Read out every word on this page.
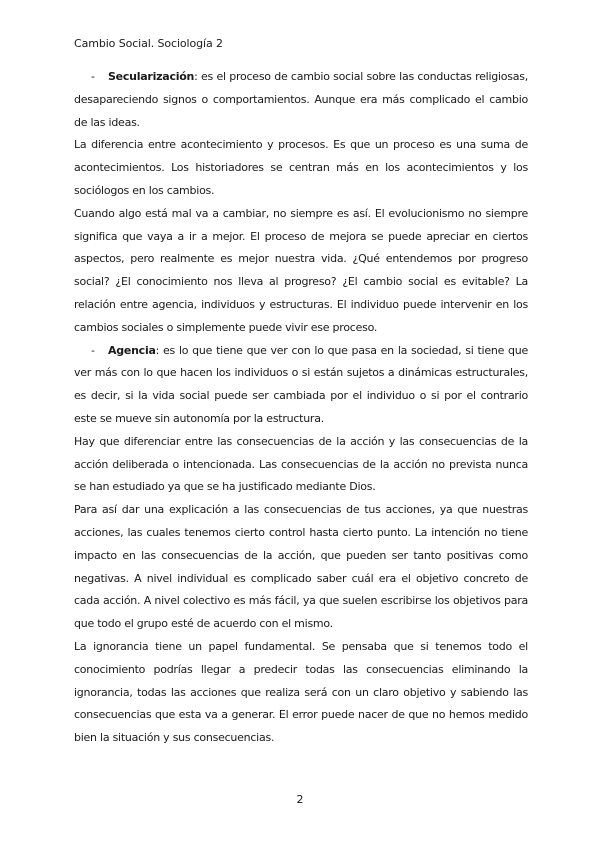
Cambio Social. Sociología 2

- Secularización: es el proceso de cambio social sobre las conductas religiosas, desapareciendo signos o comportamientos. Aunque era más complicado el cambio de las ideas.

La diferencia entre acontecimiento y procesos. Es que un proceso es una suma de acontecimientos. Los historiadores se centran más en los acontecimientos y los sociólogos en los cambios.

Cuando algo está mal va a cambiar, no siempre es así. El evolucionismo no siempre significa que vaya a ir a mejor. El proceso de mejora se puede apreciar en ciertos aspectos, pero realmente es mejor nuestra vida. ¿Qué entendemos por progreso social? ¿El conocimiento nos lleva al progreso? ¿El cambio social es evitable? La relación entre agencia, individuos y estructuras. El individuo puede intervenir en los cambios sociales o simplemente puede vivir ese proceso.

- Agencia: es lo que tiene que ver con lo que pasa en la sociedad, si tiene que ver más con lo que hacen los individuos o si están sujetos a dinámicas estructurales, es decir, si la vida social puede ser cambiada por el individuo o si por el contrario este se mueve sin autonomía por la estructura.

Hay que diferenciar entre las consecuencias de la acción y las consecuencias de la acción deliberada o intencionada. Las consecuencias de la acción no prevista nunca se han estudiado ya que se ha justificado mediante Dios.

Para así dar una explicación a las consecuencias de tus acciones, ya que nuestras acciones, las cuales tenemos cierto control hasta cierto punto. La intención no tiene impacto en las consecuencias de la acción, que pueden ser tanto positivas como negativas. A nivel individual es complicado saber cuál era el objetivo concreto de cada acción. A nivel colectivo es más fácil, ya que suelen escribirse los objetivos para que todo el grupo esté de acuerdo con el mismo.

La ignorancia tiene un papel fundamental. Se pensaba que si tenemos todo el conocimiento podrías llegar a predecir todas las consecuencias eliminando la ignorancia, todas las acciones que realiza será con un claro objetivo y sabiendo las consecuencias que esta va a generar. El error puede nacer de que no hemos medido bien la situación y sus consecuencias.

2
